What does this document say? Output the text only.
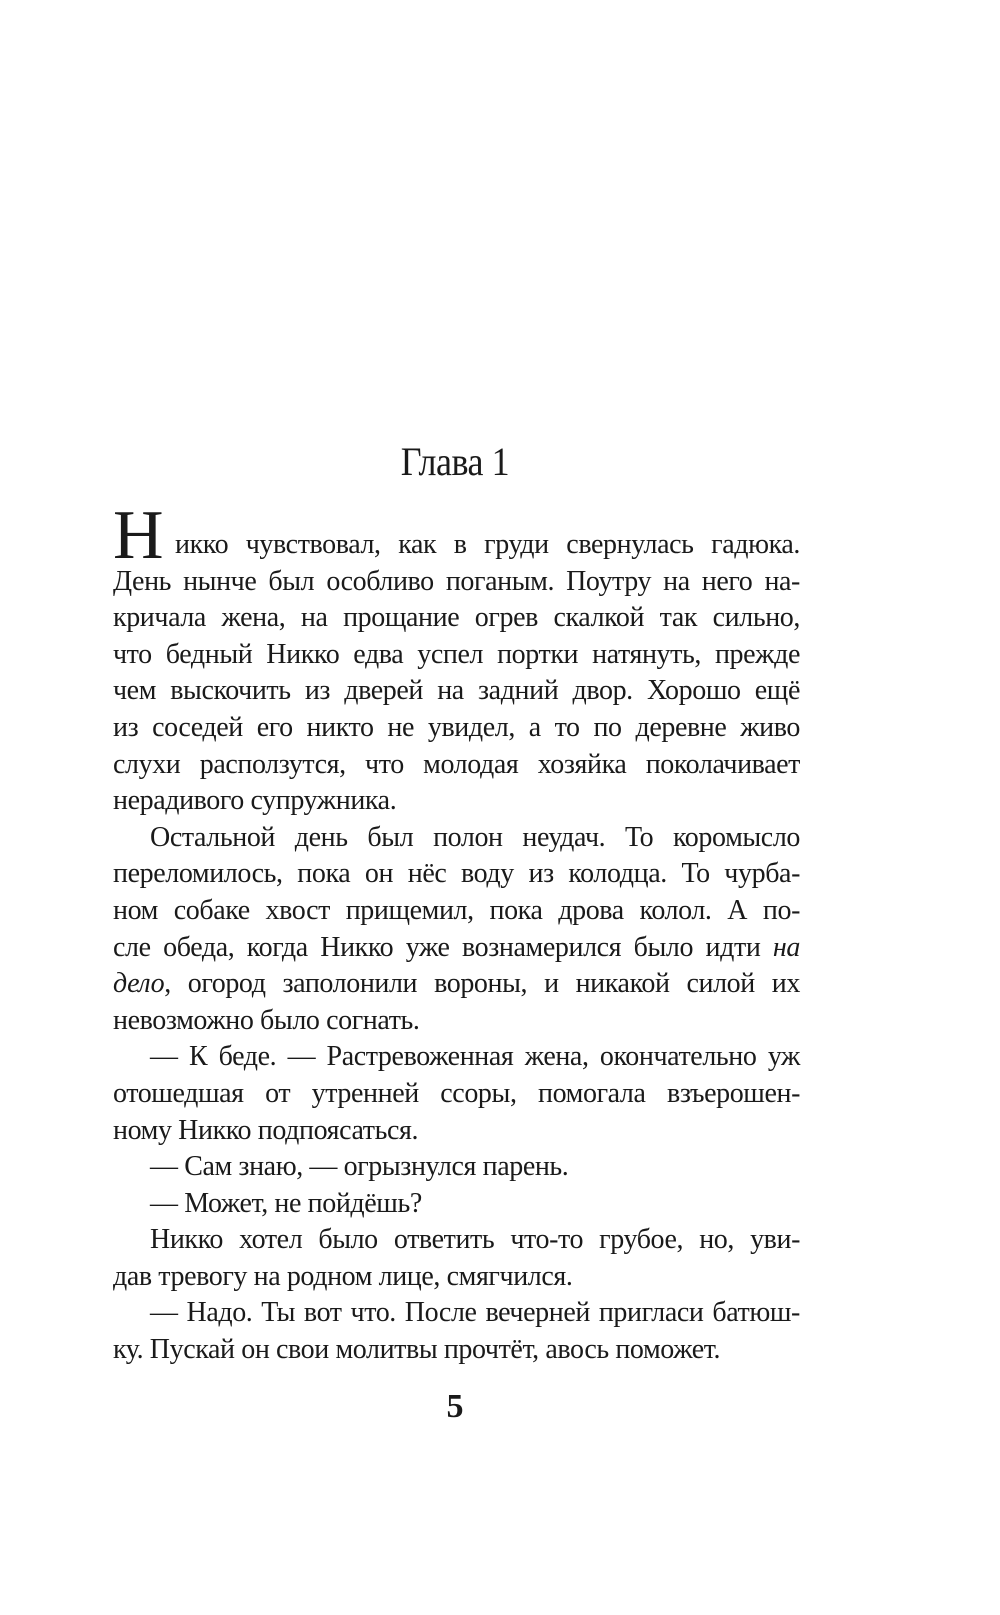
Глава 1
Н икко чувствовал, как в груди свернулась гадюка.
День нынче был особливо поганым. Поутру на него на-
кричала жена, на прощание огрев скалкой так сильно,
что бедный Никко едва успел портки натянуть, прежде
чем выскочить из дверей на задний двор. Хорошо ещё
из соседей его никто не увидел, а то по деревне живо
слухи расползутся, что молодая хозяйка поколачивает
нерадивого супружника.
Остальной день был полон неудач. То коромысло
переломилось, пока он нёс воду из колодца. То чурба-
ном собаке хвост прищемил, пока дрова колол. А по-
сле обеда, когда Никко уже вознамерился было идти на
дело, огород заполонили вороны, и никакой силой их
невозможно было согнать.
— К беде. — Растревоженная жена, окончательно уж
отошедшая от утренней ссоры, помогала взъерошен-
ному Никко подпоясаться.
— Сам знаю, — огрызнулся парень.
— Может, не пойдёшь?
Никко хотел было ответить что-то грубое, но, уви-
дав тревогу на родном лице, смягчился.
— Надо. Ты вот что. После вечерней пригласи батюш-
ку. Пускай он свои молитвы прочтёт, авось поможет.
5
